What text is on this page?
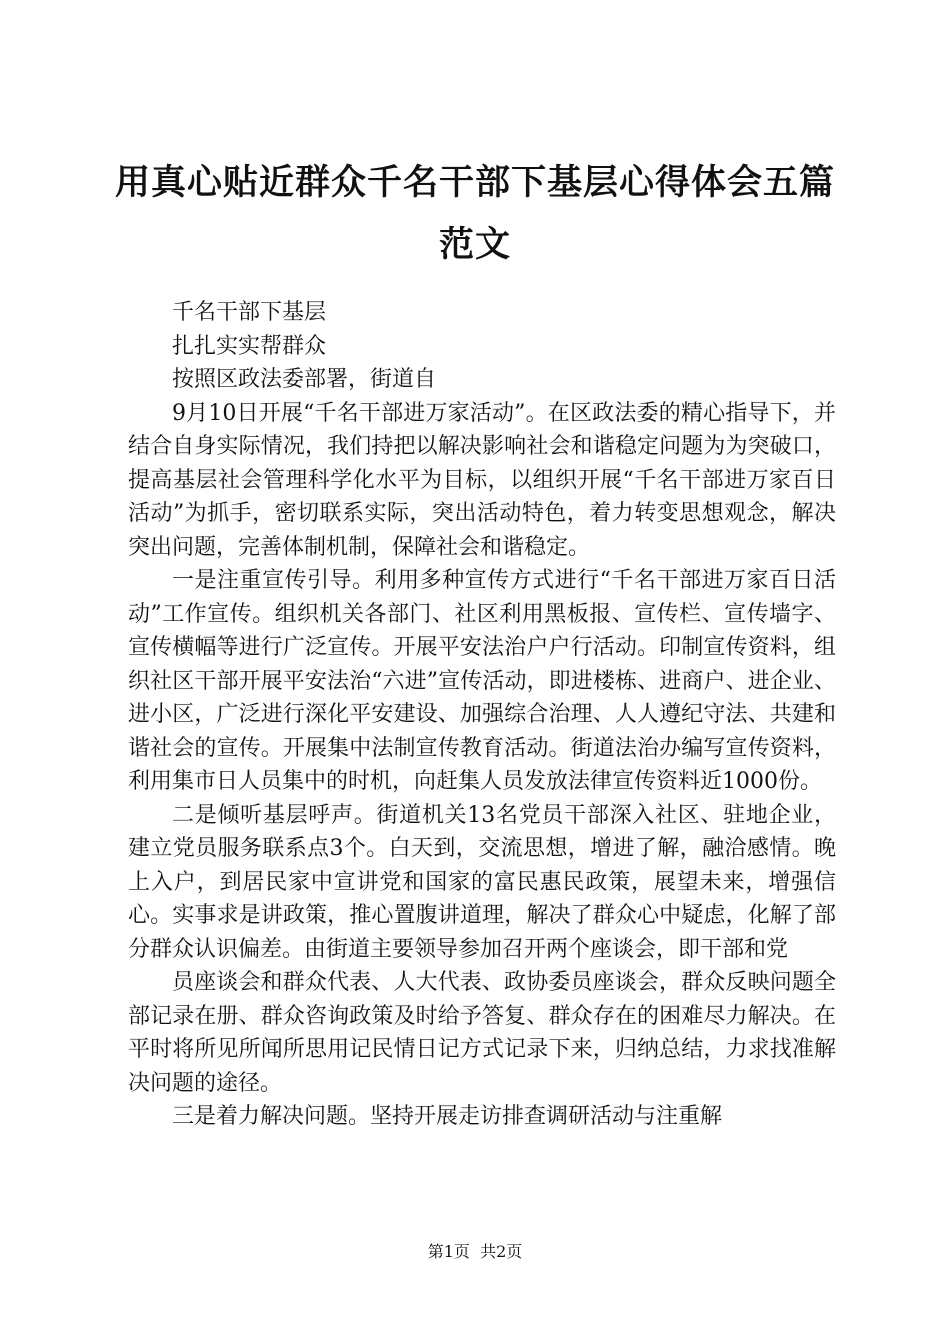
用真心贴近群众千名干部下基层心得体会五篇
范文

千名干部下基层

扎扎实实帮群众

按照区政法委部署，街道自

9月10日开展“千名干部进万家活动”。在区政法委的精心指导下，并结合自身实际情况，我们持把以解决影响社会和谐稳定问题为为突破口，提高基层社会管理科学化水平为目标，以组织开展“千名干部进万家百日活动”为抓手，密切联系实际，突出活动特色，着力转变思想观念，解决突出问题，完善体制机制，保障社会和谐稳定。

一是注重宣传引导。利用多种宣传方式进行“千名干部进万家百日活动”工作宣传。组织机关各部门、社区利用黑板报、宣传栏、宣传墙字、宣传横幅等进行广泛宣传。开展平安法治户户行活动。印制宣传资料，组织社区干部开展平安法治“六进”宣传活动，即进楼栋、进商户、进企业、进小区，广泛进行深化平安建设、加强综合治理、人人遵纪守法、共建和谐社会的宣传。开展集中法制宣传教育活动。街道法治办编写宣传资料，利用集市日人员集中的时机，向赶集人员发放法律宣传资料近1000份。

二是倾听基层呼声。街道机关13名党员干部深入社区、驻地企业，建立党员服务联系点3个。白天到，交流思想，增进了解，融洽感情。晚上入户，到居民家中宣讲党和国家的富民惠民政策，展望未来，增强信心。实事求是讲政策，推心置腹讲道理，解决了群众心中疑虑，化解了部分群众认识偏差。由街道主要领导参加召开两个座谈会，即干部和党

员座谈会和群众代表、人大代表、政协委员座谈会，群众反映问题全部记录在册、群众咨询政策及时给予答复、群众存在的困难尽力解决。在平时将所见所闻所思用记民情日记方式记录下来，归纳总结，力求找准解决问题的途径。

三是着力解决问题。坚持开展走访排查调研活动与注重解

第1页  共2页
